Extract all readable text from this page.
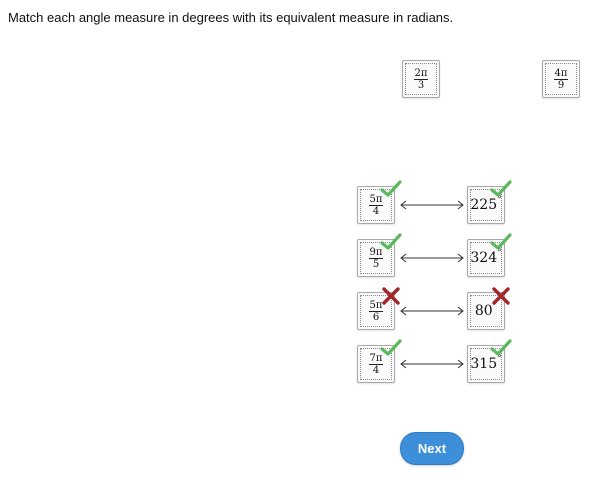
Match each angle measure in degrees with its equivalent measure in radians.
$\frac{2\pi}{3}$	$\frac{4\pi}{9}$
$\frac{5\pi}{4}$	225°
$\frac{9\pi}{5}$	324°
$\frac{5\pi}{6}$	80°
$\frac{7\pi}{4}$	315°
Next
